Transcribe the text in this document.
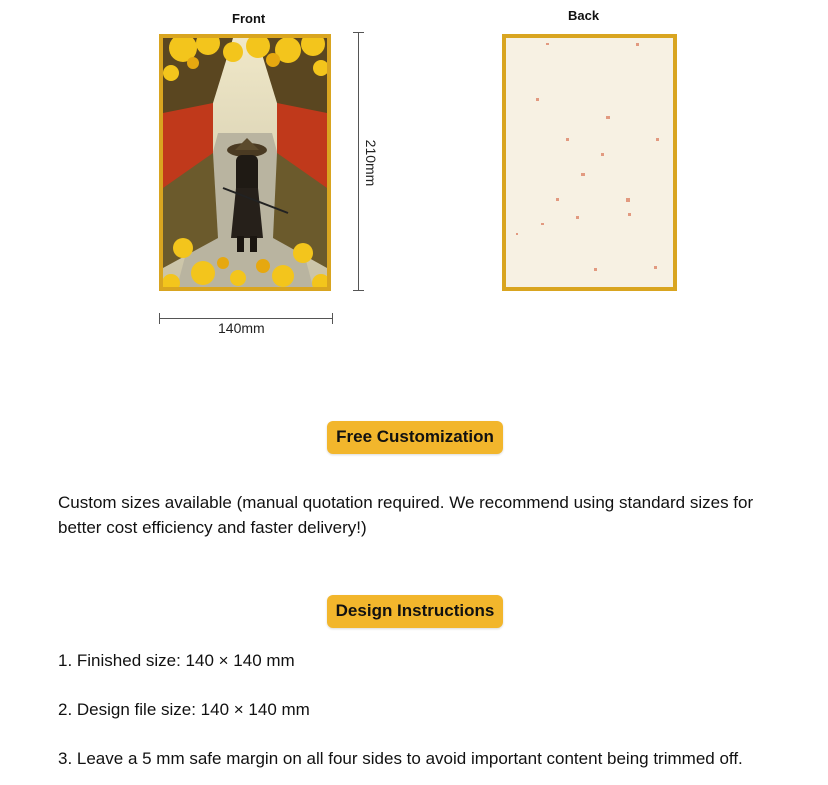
Front	Back
210mm
140mm
Free Customization
Custom sizes available (manual quotation required. We recommend using standard sizes for better cost efficiency and faster delivery!)
Design Instructions
1. Finished size: 140 × 140 mm
2. Design file size: 140 × 140 mm
3. Leave a 5 mm safe margin on all four sides to avoid important content being trimmed off.
